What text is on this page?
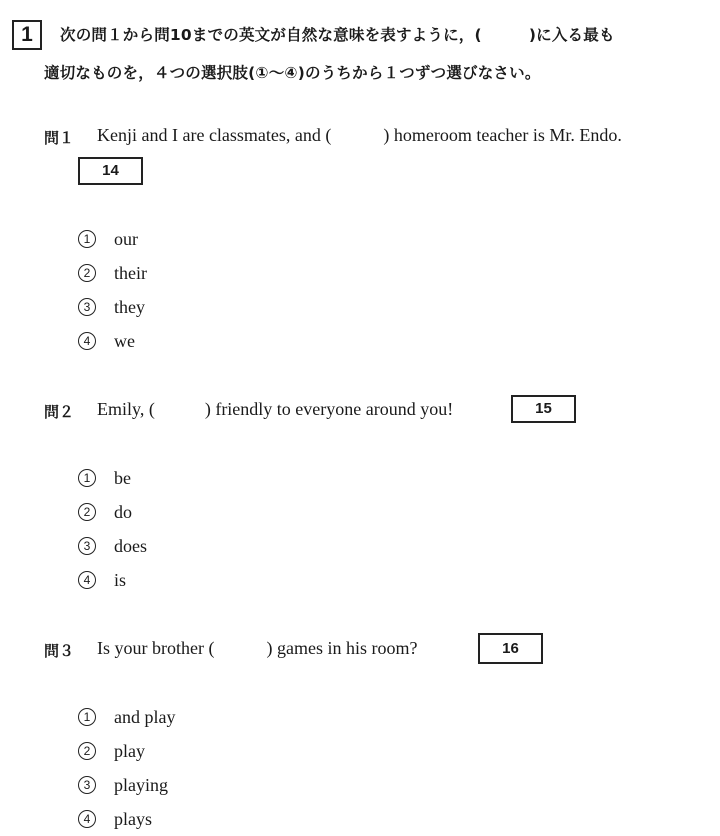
1	次の問１から問10までの英文が自然な意味を表すように，(　　　)に入る最も
適切なものを，４つの選択肢(①～④)のうちから１つずつ選びなさい。
問１ Kenji and I are classmates, and (	) homeroom teacher is Mr. Endo.
14
1	our
2	their
3	they
4	we
問２ Emily, (	) friendly to everyone around you!	15
1	be
2	do
3	does
4	is
問３ Is your brother (	) games in his room?	16
1	and play
2	play
3	playing
4	plays
